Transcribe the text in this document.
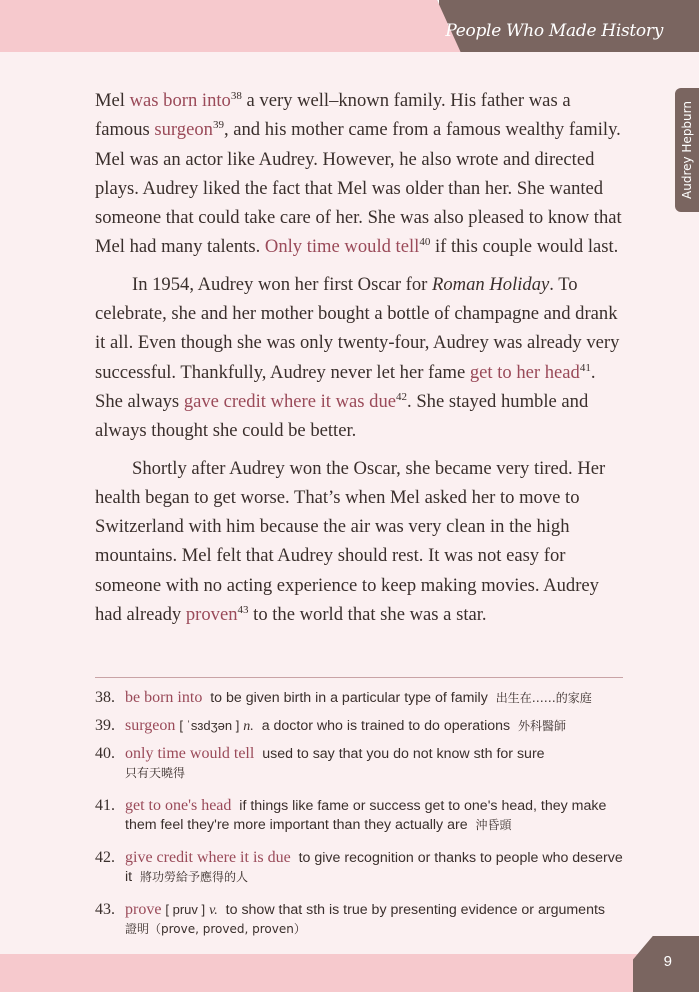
People Who Made History
Audrey Hepburn

Mel was born into$^{38}$ a very well–known family. His father was a famous surgeon$^{39}$, and his mother came from a famous wealthy family. Mel was an actor like Audrey. However, he also wrote and directed plays. Audrey liked the fact that Mel was older than her. She wanted someone that could take care of her. She was also pleased to know that Mel had many talents. Only time would tell$^{40}$ if this couple would last.

In 1954, Audrey won her first Oscar for Roman Holiday. To celebrate, she and her mother bought a bottle of champagne and drank it all. Even though she was only twenty-four, Audrey was already very successful. Thankfully, Audrey never let her fame get to her head$^{41}$. She always gave credit where it was due$^{42}$. She stayed humble and always thought she could be better.

Shortly after Audrey won the Oscar, she became very tired. Her health began to get worse. That’s when Mel asked her to move to Switzerland with him because the air was very clean in the high mountains. Mel felt that Audrey should rest. It was not easy for someone with no acting experience to keep making movies. Audrey had already proven$^{43}$ to the world that she was a star.

38. be born into to be given birth in a particular type of family 出生在……的家庭
39. surgeon [ ˈsɜdʒən ] n. a doctor who is trained to do operations 外科醫師
40. only time would tell used to say that you do not know sth for sure
只有天曉得
41. get to one's head if things like fame or success get to one's head, they make them feel they're more important than they actually are 沖昏頭
42. give credit where it is due to give recognition or thanks to people who deserve it 將功勞給予應得的人
43. prove [ pruv ] v. to show that sth is true by presenting evidence or arguments
證明（prove, proved, proven）
9
